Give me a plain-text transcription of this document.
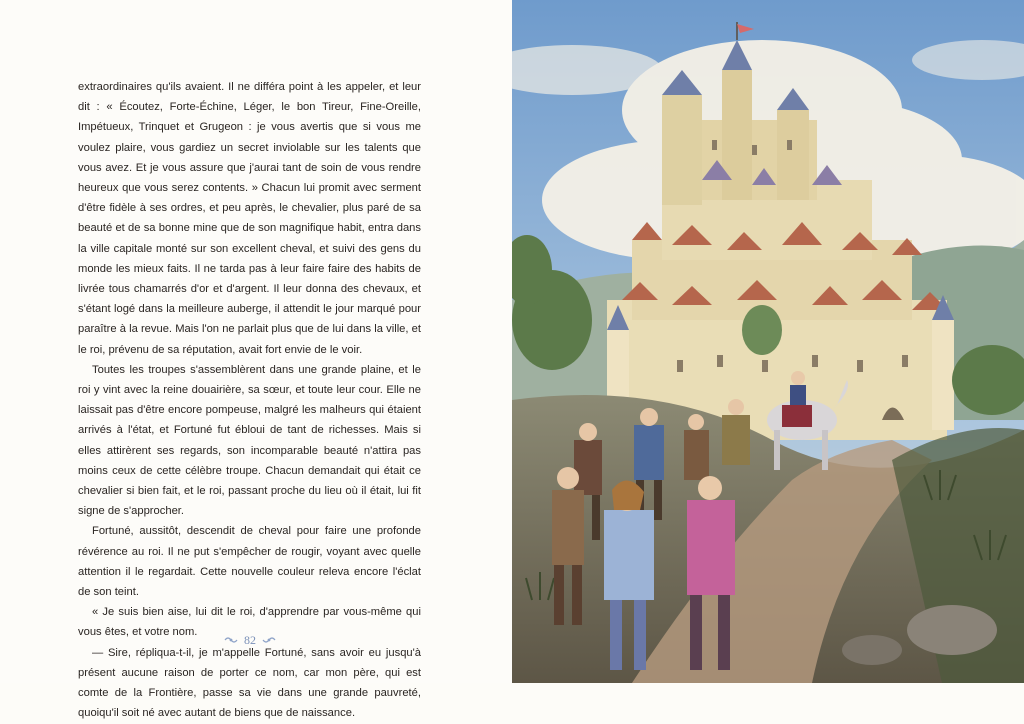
extraordinaires qu'ils avaient. Il ne différa point à les appeler, et leur dit : « Écoutez, Forte-Échine, Léger, le bon Tireur, Fine-Oreille, Impétueux, Trinquet et Grugeon : je vous avertis que si vous me voulez plaire, vous gardiez un secret inviolable sur les talents que vous avez. Et je vous assure que j'aurai tant de soin de vous rendre heureux que vous serez contents. » Chacun lui promit avec serment d'être fidèle à ses ordres, et peu après, le chevalier, plus paré de sa beauté et de sa bonne mine que de son magnifique habit, entra dans la ville capitale monté sur son excellent cheval, et suivi des gens du monde les mieux faits. Il ne tarda pas à leur faire faire des habits de livrée tous chamarrés d'or et d'argent. Il leur donna des chevaux, et s'étant logé dans la meilleure auberge, il attendit le jour marqué pour paraître à la revue. Mais l'on ne parlait plus que de lui dans la ville, et le roi, prévenu de sa réputation, avait fort envie de le voir.

Toutes les troupes s'assemblèrent dans une grande plaine, et le roi y vint avec la reine douairière, sa sœur, et toute leur cour. Elle ne laissait pas d'être encore pompeuse, malgré les malheurs qui étaient arrivés à l'état, et Fortuné fut ébloui de tant de richesses. Mais si elles attirèrent ses regards, son incomparable beauté n'attira pas moins ceux de cette célèbre troupe. Chacun demandait qui était ce chevalier si bien fait, et le roi, passant proche du lieu où il était, lui fit signe de s'approcher.

Fortuné, aussitôt, descendit de cheval pour faire une profonde révérence au roi. Il ne put s'empêcher de rougir, voyant avec quelle attention il le regardait. Cette nouvelle couleur releva encore l'éclat de son teint.

« Je suis bien aise, lui dit le roi, d'apprendre par vous-même qui vous êtes, et votre nom.

— Sire, répliqua-t-il, je m'appelle Fortuné, sans avoir eu jusqu'à présent aucune raison de porter ce nom, car mon père, qui est comte de la Frontière, passe sa vie dans une grande pauvreté, quoiqu'il soit né avec autant de biens que de naissance.

82
